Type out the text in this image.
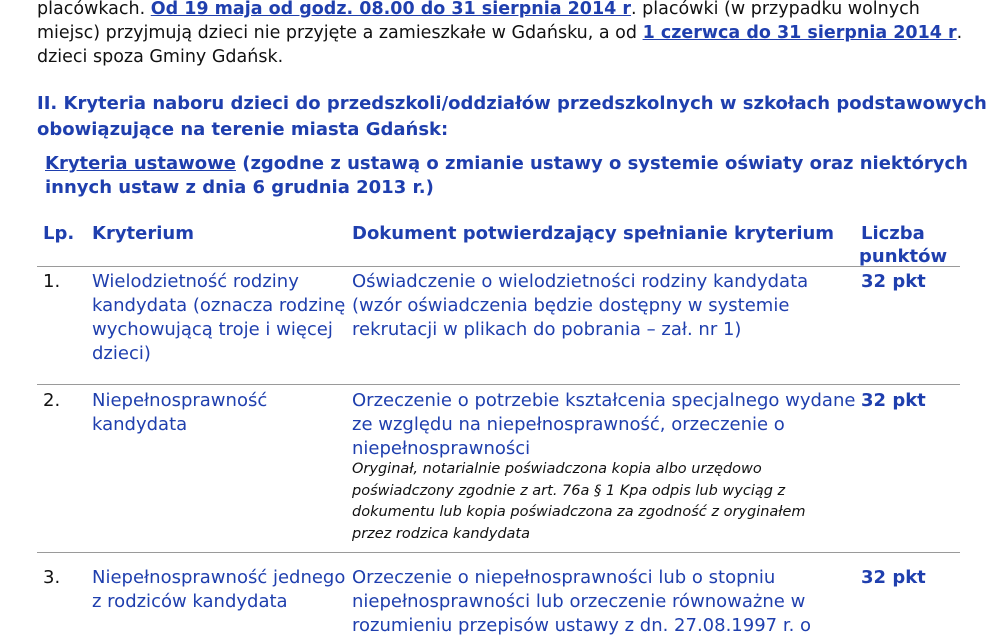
placówkach. Od 19 maja od godz. 08.00 do 31 sierpnia 2014 r. placówki (w przypadku wolnych
miejsc) przyjmują dzieci nie przyjęte a zamieszkałe w Gdańsku, a od 1 czerwca do 31 sierpnia 2014 r.
dzieci spoza Gminy Gdańsk.
II. Kryteria naboru dzieci do przedszkoli/oddziałów przedszkolnych w szkołach podstawowych
obowiązujące na terenie miasta Gdańsk:
Kryteria ustawowe (zgodne z ustawą o zmianie ustawy o systemie oświaty oraz niektórych
innych ustaw z dnia 6 grudnia 2013 r.)
Lp. Kryterium	Dokument potwierdzający spełnianie kryterium Liczba
punktów
1. Wielodzietność rodziny
kandydata (oznacza rodzinę
wychowującą troje i więcej
dzieci)
Oświadczenie o wielodzietności rodziny kandydata
(wzór oświadczenia będzie dostępny w systemie
rekrutacji w plikach do pobrania – zał. nr 1)
32 pkt
2. Niepełnosprawność
kandydata
Orzeczenie o potrzebie kształcenia specjalnego wydane
ze względu na niepełnosprawność, orzeczenie o
niepełnosprawności
Oryginał, notarialnie poświadczona kopia albo urzędowo
poświadczony zgodnie z art. 76a § 1 Kpa odpis lub wyciąg z
dokumentu lub kopia poświadczona za zgodność z oryginałem
przez rodzica kandydata
32 pkt
3. Niepełnosprawność jednego
z rodziców kandydata
Orzeczenie o niepełnosprawności lub o stopniu
niepełnosprawności lub orzeczenie równoważne w
rozumieniu przepisów ustawy z dn. 27.08.1997 r. o
32 pkt
